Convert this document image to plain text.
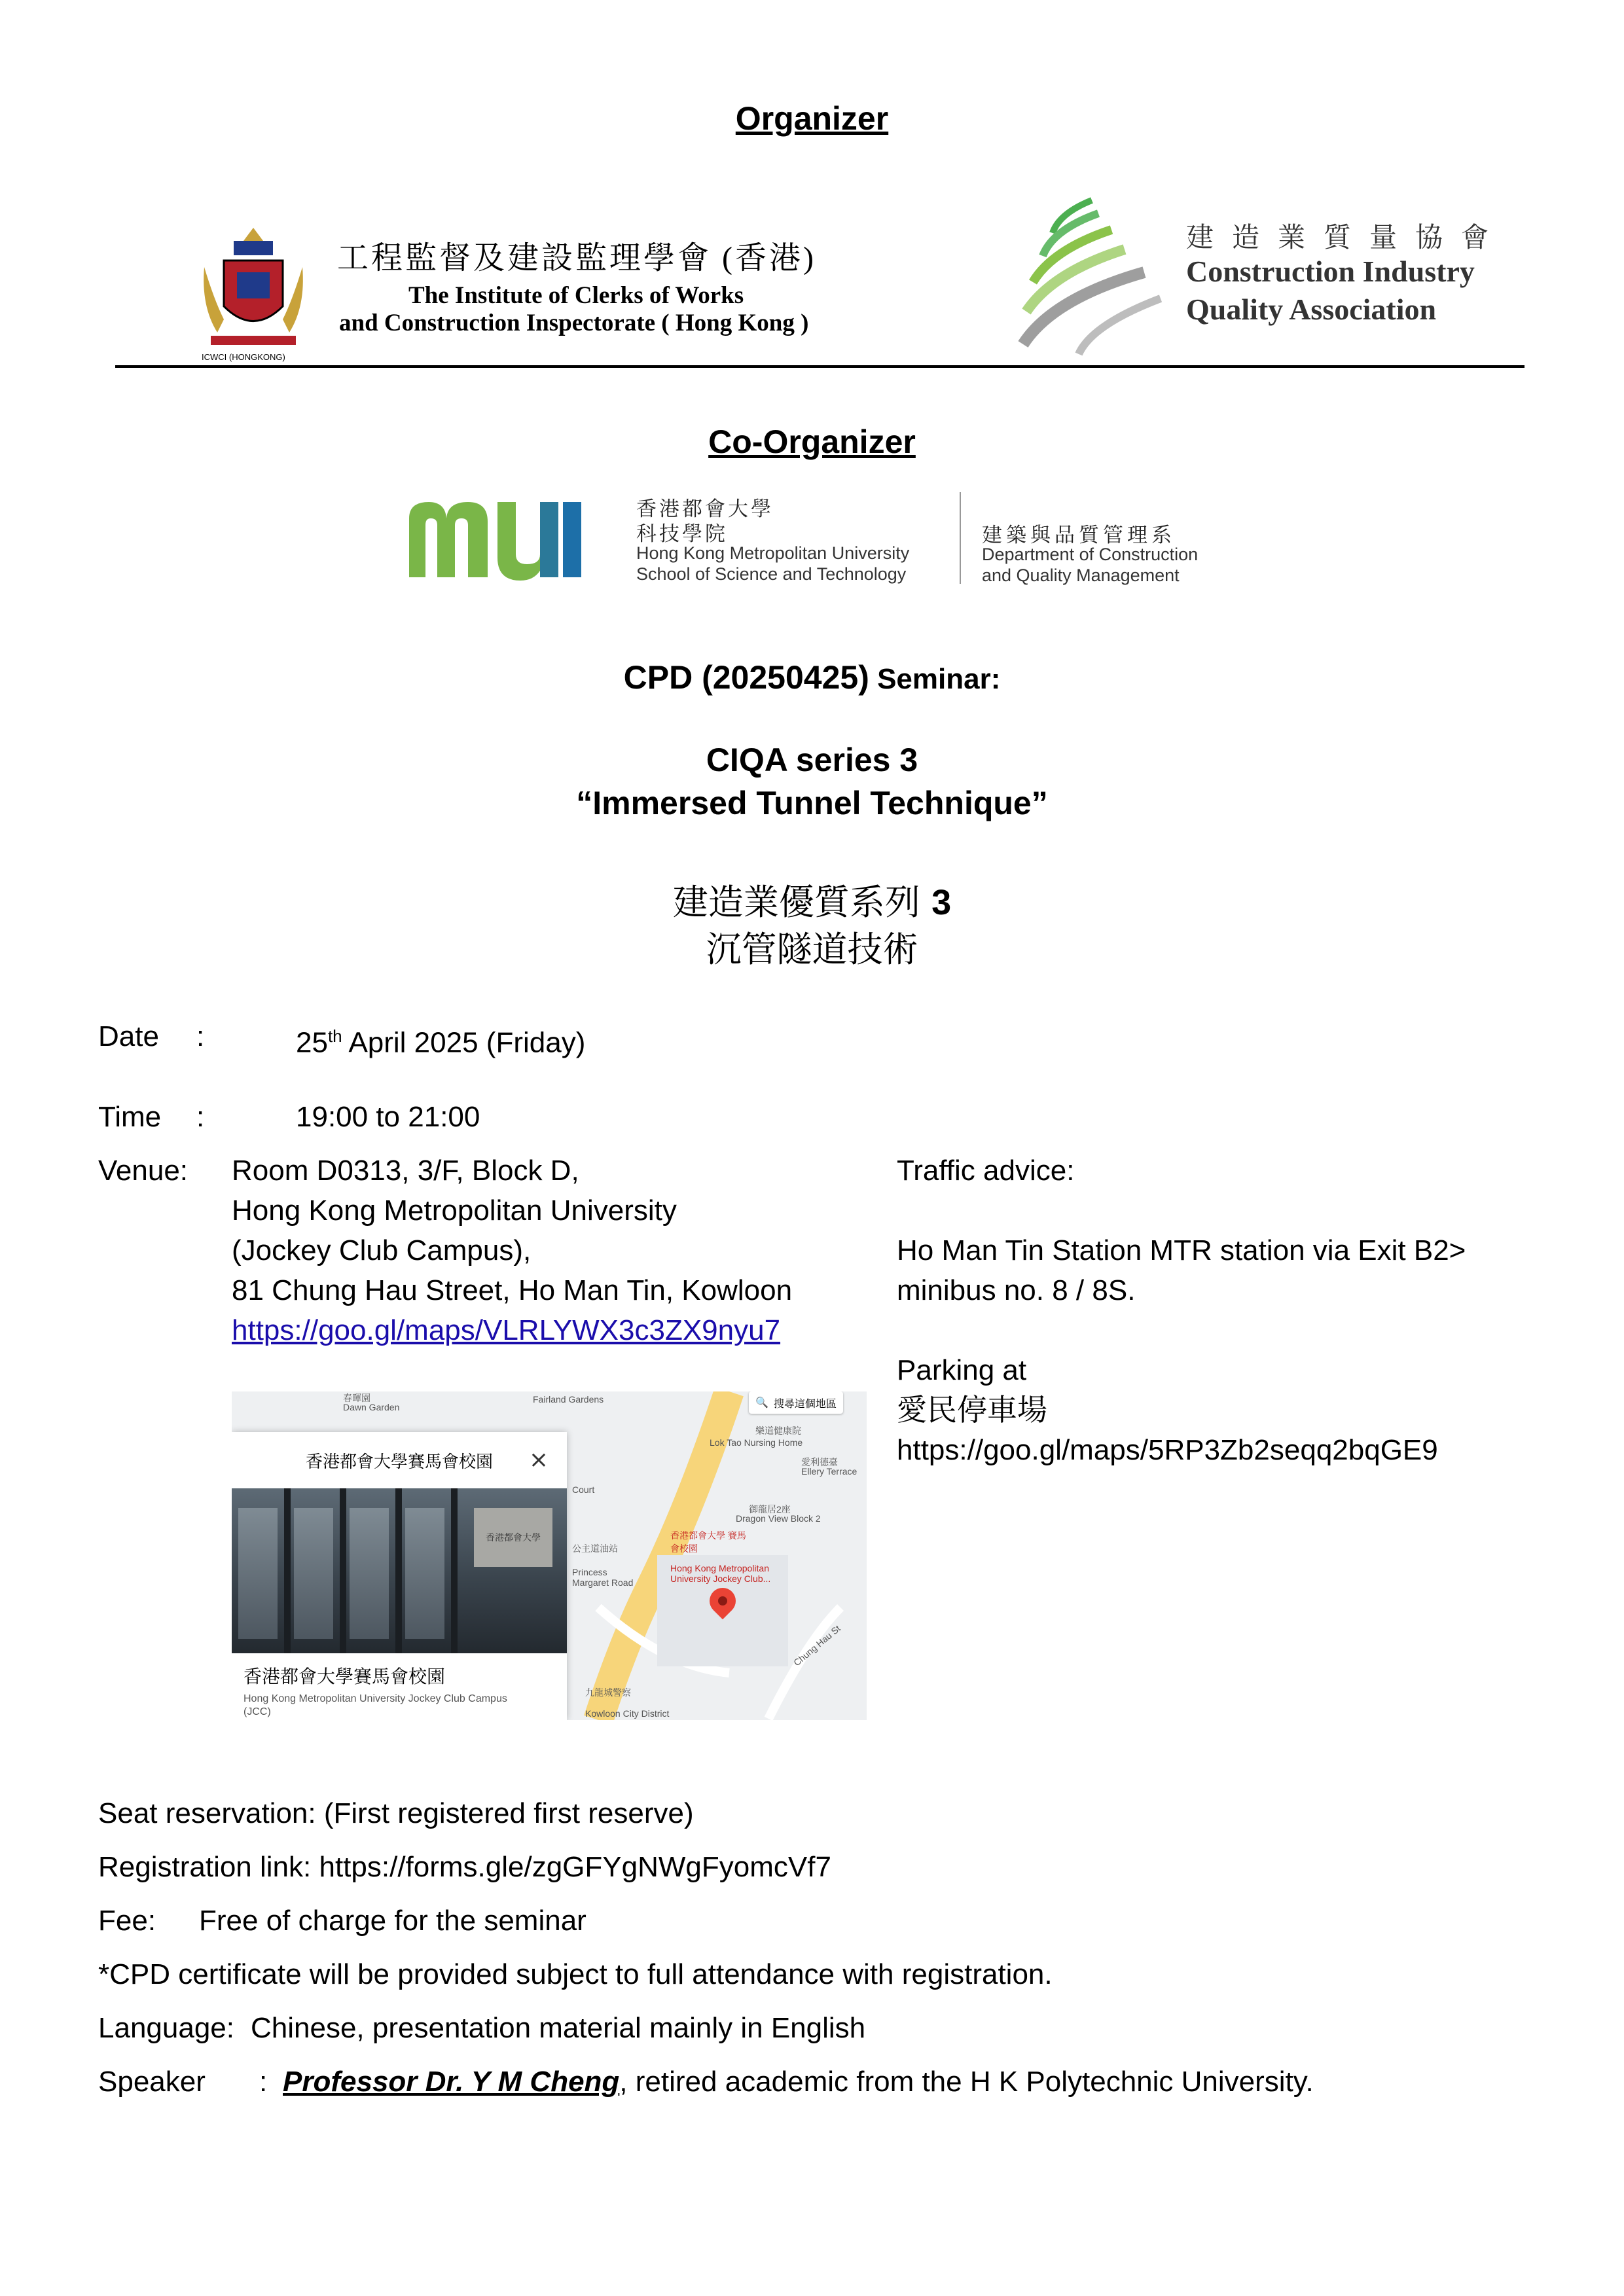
Organizer
ICWCI (HONGKONG)
工程監督及建設監理學會 (香港)
The Institute of Clerks of Works
and Construction Inspectorate ( Hong Kong )
建造業質量協會
Construction Industry
Quality Association
Co-Organizer
香港都會大學
科技學院
Hong Kong Metropolitan University
School of Science and Technology
建築與品質管理系
Department of Construction
and Quality Management
CPD (20250425) Seminar:
CIQA series 3
“Immersed Tunnel Technique”
建造業優質系列 3
沉管隧道技術
Date :	25th April 2025 (Friday)
Time :	19:00 to 21:00
Venue: Room D0313, 3/F, Block D,
Hong Kong Metropolitan University
(Jockey Club Campus),
81 Chung Hau Street, Ho Man Tin, Kowloon
https://goo.gl/maps/VLRLYWX3c3ZX9nyu7
Traffic advice:
Ho Man Tin Station MTR station via Exit B2>
minibus no. 8 / 8S.
Parking at
愛民停車場
https://goo.gl/maps/5RP3Zb2seqq2bqGE9
春暉園
Dawn Garden
Fairland Gardens	🔍 搜尋這個地區
樂道健康院
Lok Tao Nursing Home
愛利德臺
Ellery Terrace
Court
御龍居2座
Dragon View Block 2
香港都會大學 賽馬會校園
Hong Kong Metropolitan University Jockey Club...
公主道油站
Princess Margaret Road
Chung Hau St
九龍城警察
Kowloon City District
香港都會大學賽馬會校園 ×
香港都會大學
香港都會大學賽馬會校園
Hong Kong Metropolitan University Jockey Club Campus (JCC)
Seat reservation: (First registered first reserve)
Registration link: https://forms.gle/zgGFYgNWgFyomcVf7
Fee: Free of charge for the seminar
*CPD certificate will be provided subject to full attendance with registration.
Language: Chinese, presentation material mainly in English
Speaker : Professor Dr. Y M Cheng, retired academic from the H K Polytechnic University.
